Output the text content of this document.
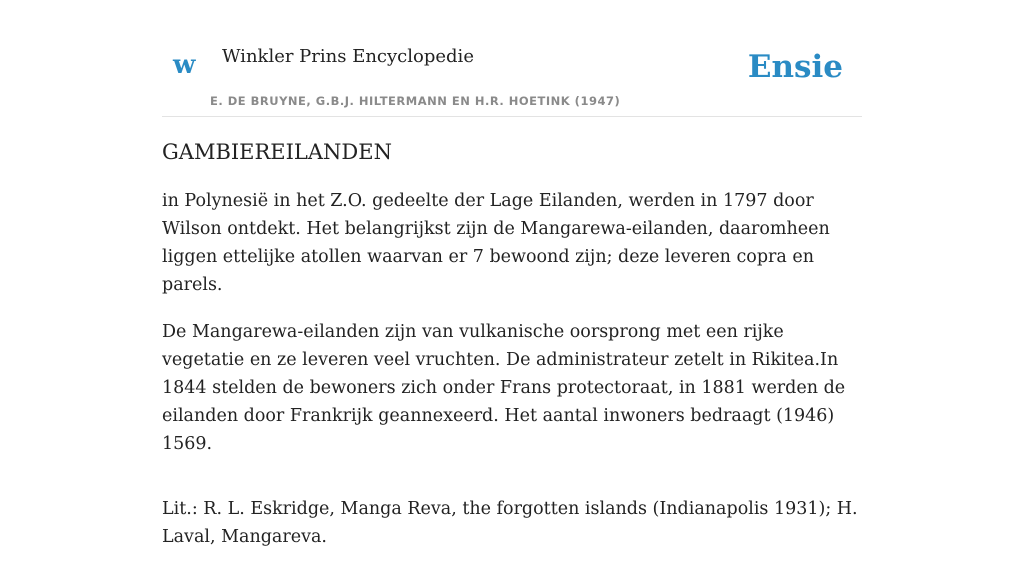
w Winkler Prins Encyclopedie
E. DE BRUYNE, G.B.J. HILTERMANN EN H.R. HOETINK (1947)
Ensie
GAMBIEREILANDEN

in Polynesië in het Z.O. gedeelte der Lage Eilanden, werden in 1797 door Wilson ontdekt. Het belangrijkst zijn de Mangarewa-eilanden, daaromheen liggen ettelijke atollen waarvan er 7 bewoond zijn; deze leveren copra en parels.

De Mangarewa-eilanden zijn van vulkanische oorsprong met een rijke vegetatie en ze leveren veel vruchten. De administrateur zetelt in Rikitea.In 1844 stelden de bewoners zich onder Frans protectoraat, in 1881 werden de eilanden door Frankrijk geannexeerd. Het aantal inwoners bedraagt (1946) 1569.

Lit.: R. L. Eskridge, Manga Reva, the forgotten islands (Indianapolis 1931); H. Laval, Mangareva.
